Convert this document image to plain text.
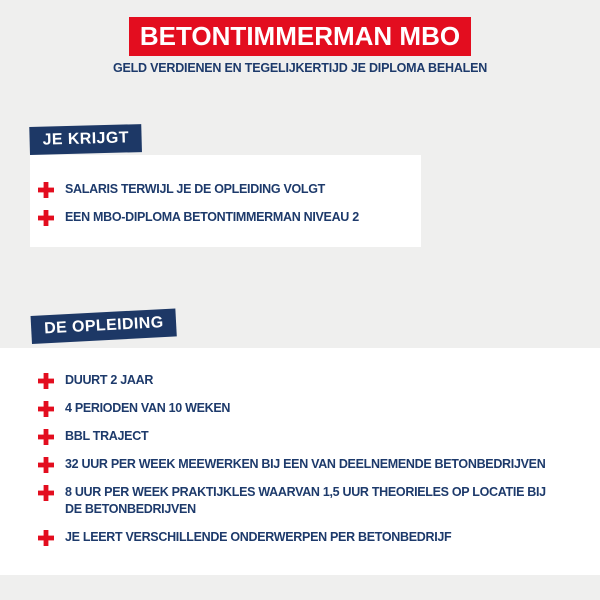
BETONTIMMERMAN MBO
GELD VERDIENEN EN TEGELIJKERTIJD JE DIPLOMA BEHALEN
JE KRIJGT
SALARIS TERWIJL JE DE OPLEIDING VOLGT
EEN MBO-DIPLOMA BETONTIMMERMAN NIVEAU 2
DE OPLEIDING
DUURT 2 JAAR
4 PERIODEN VAN 10 WEKEN
BBL TRAJECT
32 UUR PER WEEK MEEWERKEN BIJ EEN VAN DEELNEMENDE BETONBEDRIJVEN
8 UUR PER WEEK PRAKTIJKLES WAARVAN 1,5 UUR THEORIELES OP LOCATIE BIJ DE BETONBEDRIJVEN
JE LEERT VERSCHILLENDE ONDERWERPEN PER BETONBEDRIJF
